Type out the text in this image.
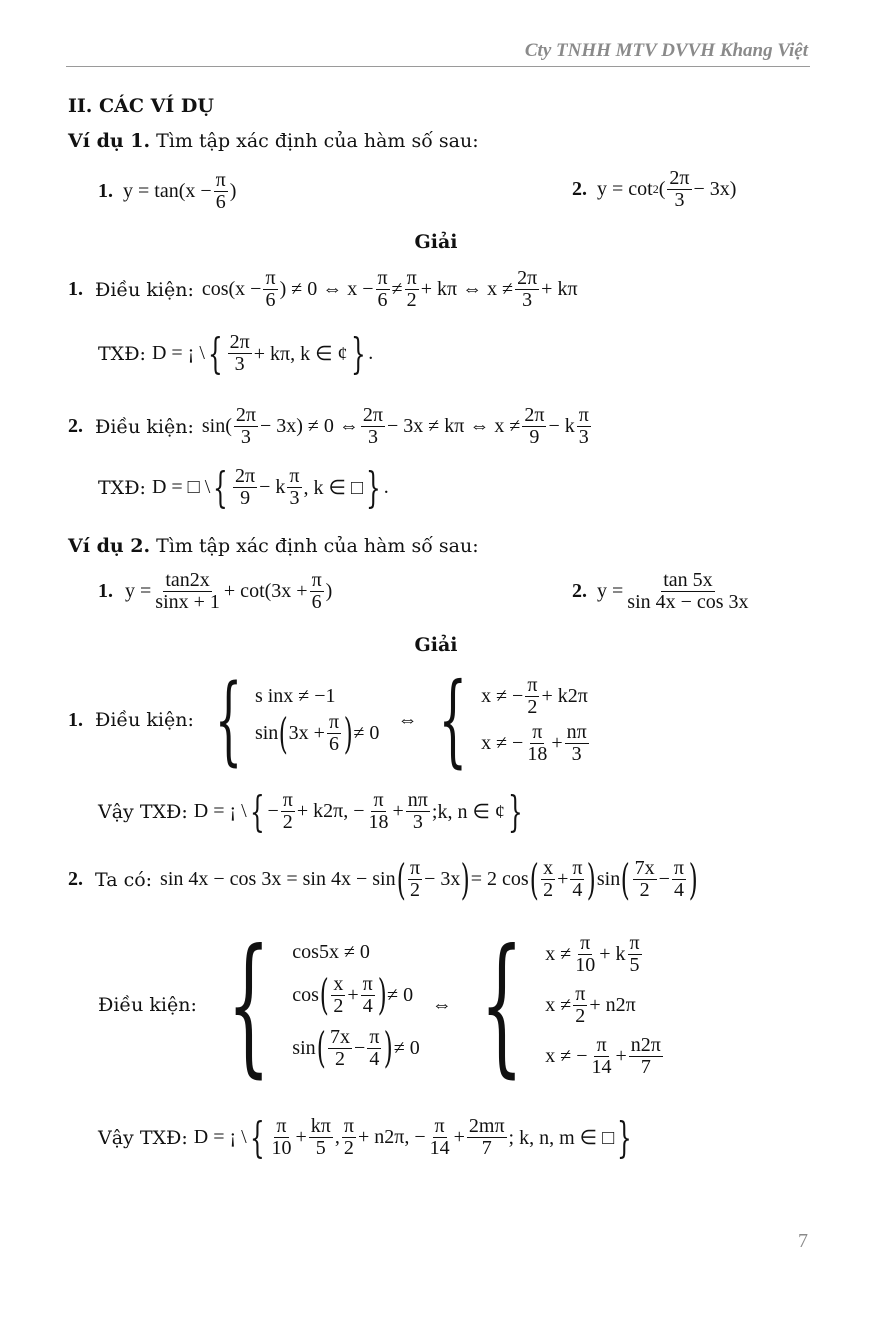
Cty TNHH MTV DVVH Khang Việt
II. CÁC VÍ DỤ
Ví dụ 1. Tìm tập xác định của hàm số sau:
1. $y = \tan(x - \frac{\pi}{6}$ )	2. y = cot 2 ( $\frac{2\pi}{3} - 3x$)
Giải
1. Điều kiện: $\cos(x - \frac{\pi}{6}$ ) ≠ 0 ⇔ $x - \frac{\pi}{6} \ne \frac{\pi}{2} + k\pi$ ⇔ $x \ne \frac{2\pi}{3} + k\pi$
TXĐ: D = ¡ \ { $\frac{2\pi}{3} + k\pi$, k ∈ ¢ } .
2. Điều kiện: $\sin( \frac{2\pi}{3} - 3x) \ne 0$ ⇔ $\frac{2\pi}{3} - 3x \ne k\pi$ ⇔ $x \ne \frac{2\pi}{9} - k \frac{\pi}{3}$
TXĐ: D = □ \ { $\frac{2\pi}{9} - k \frac{\pi}{3}$ , k ∈ □ } .
Ví dụ 2. Tìm tập xác định của hàm số sau:
1. $y = \frac{\tan 2x}{\sin x + 1} + \cot(3x + \frac{\pi}{6}$ )	2. $y = \frac{\tan 5x}{\sin 4x - \cos 3x}$
Giải
1. Điều kiện: { s inx ≠ −1
sin ( $3x + \frac{\pi}{6}$ ) ≠ 0
⇔ { x ≠ − $\frac{\pi}{2} + k2\pi$
x ≠ − $\frac{\pi}{18} + \frac{n\pi}{3}$
Vậy TXĐ: D = ¡ \ { − $\frac{\pi}{2} + k2\pi$, − $\frac{\pi}{18} + \frac{n\pi}{3}$ ;k, n ∈ ¢ }
2. Ta có: sin 4x − cos 3x = sin 4x − sin ( $\frac{\pi}{2} - 3x$ ) = 2 cos ( $\frac{x}{2} + \frac{\pi}{4}$ ) sin ( $\frac{7x}{2} - \frac{\pi}{4}$ )
Điều kiện: { cos5x ≠ 0
cos ( $\frac{x}{2} + \frac{\pi}{4}$ ) ≠ 0
sin ( $\frac{7x}{2} - \frac{\pi}{4}$ ) ≠ 0
⇔ { $x \ne \frac{\pi}{10} + k \frac{\pi}{5}$
$x \ne \frac{\pi}{2} + n2\pi$
x ≠ − $\frac{\pi}{14} + \frac{n2\pi}{7}$
Vậy TXĐ: D = ¡ \ { $\frac{\pi}{10} + \frac{k\pi}{5}$ , $\frac{\pi}{2} + n2\pi$, − $\frac{\pi}{14} + \frac{2m\pi}{7}$ ; k, n, m ∈ □ }
7
